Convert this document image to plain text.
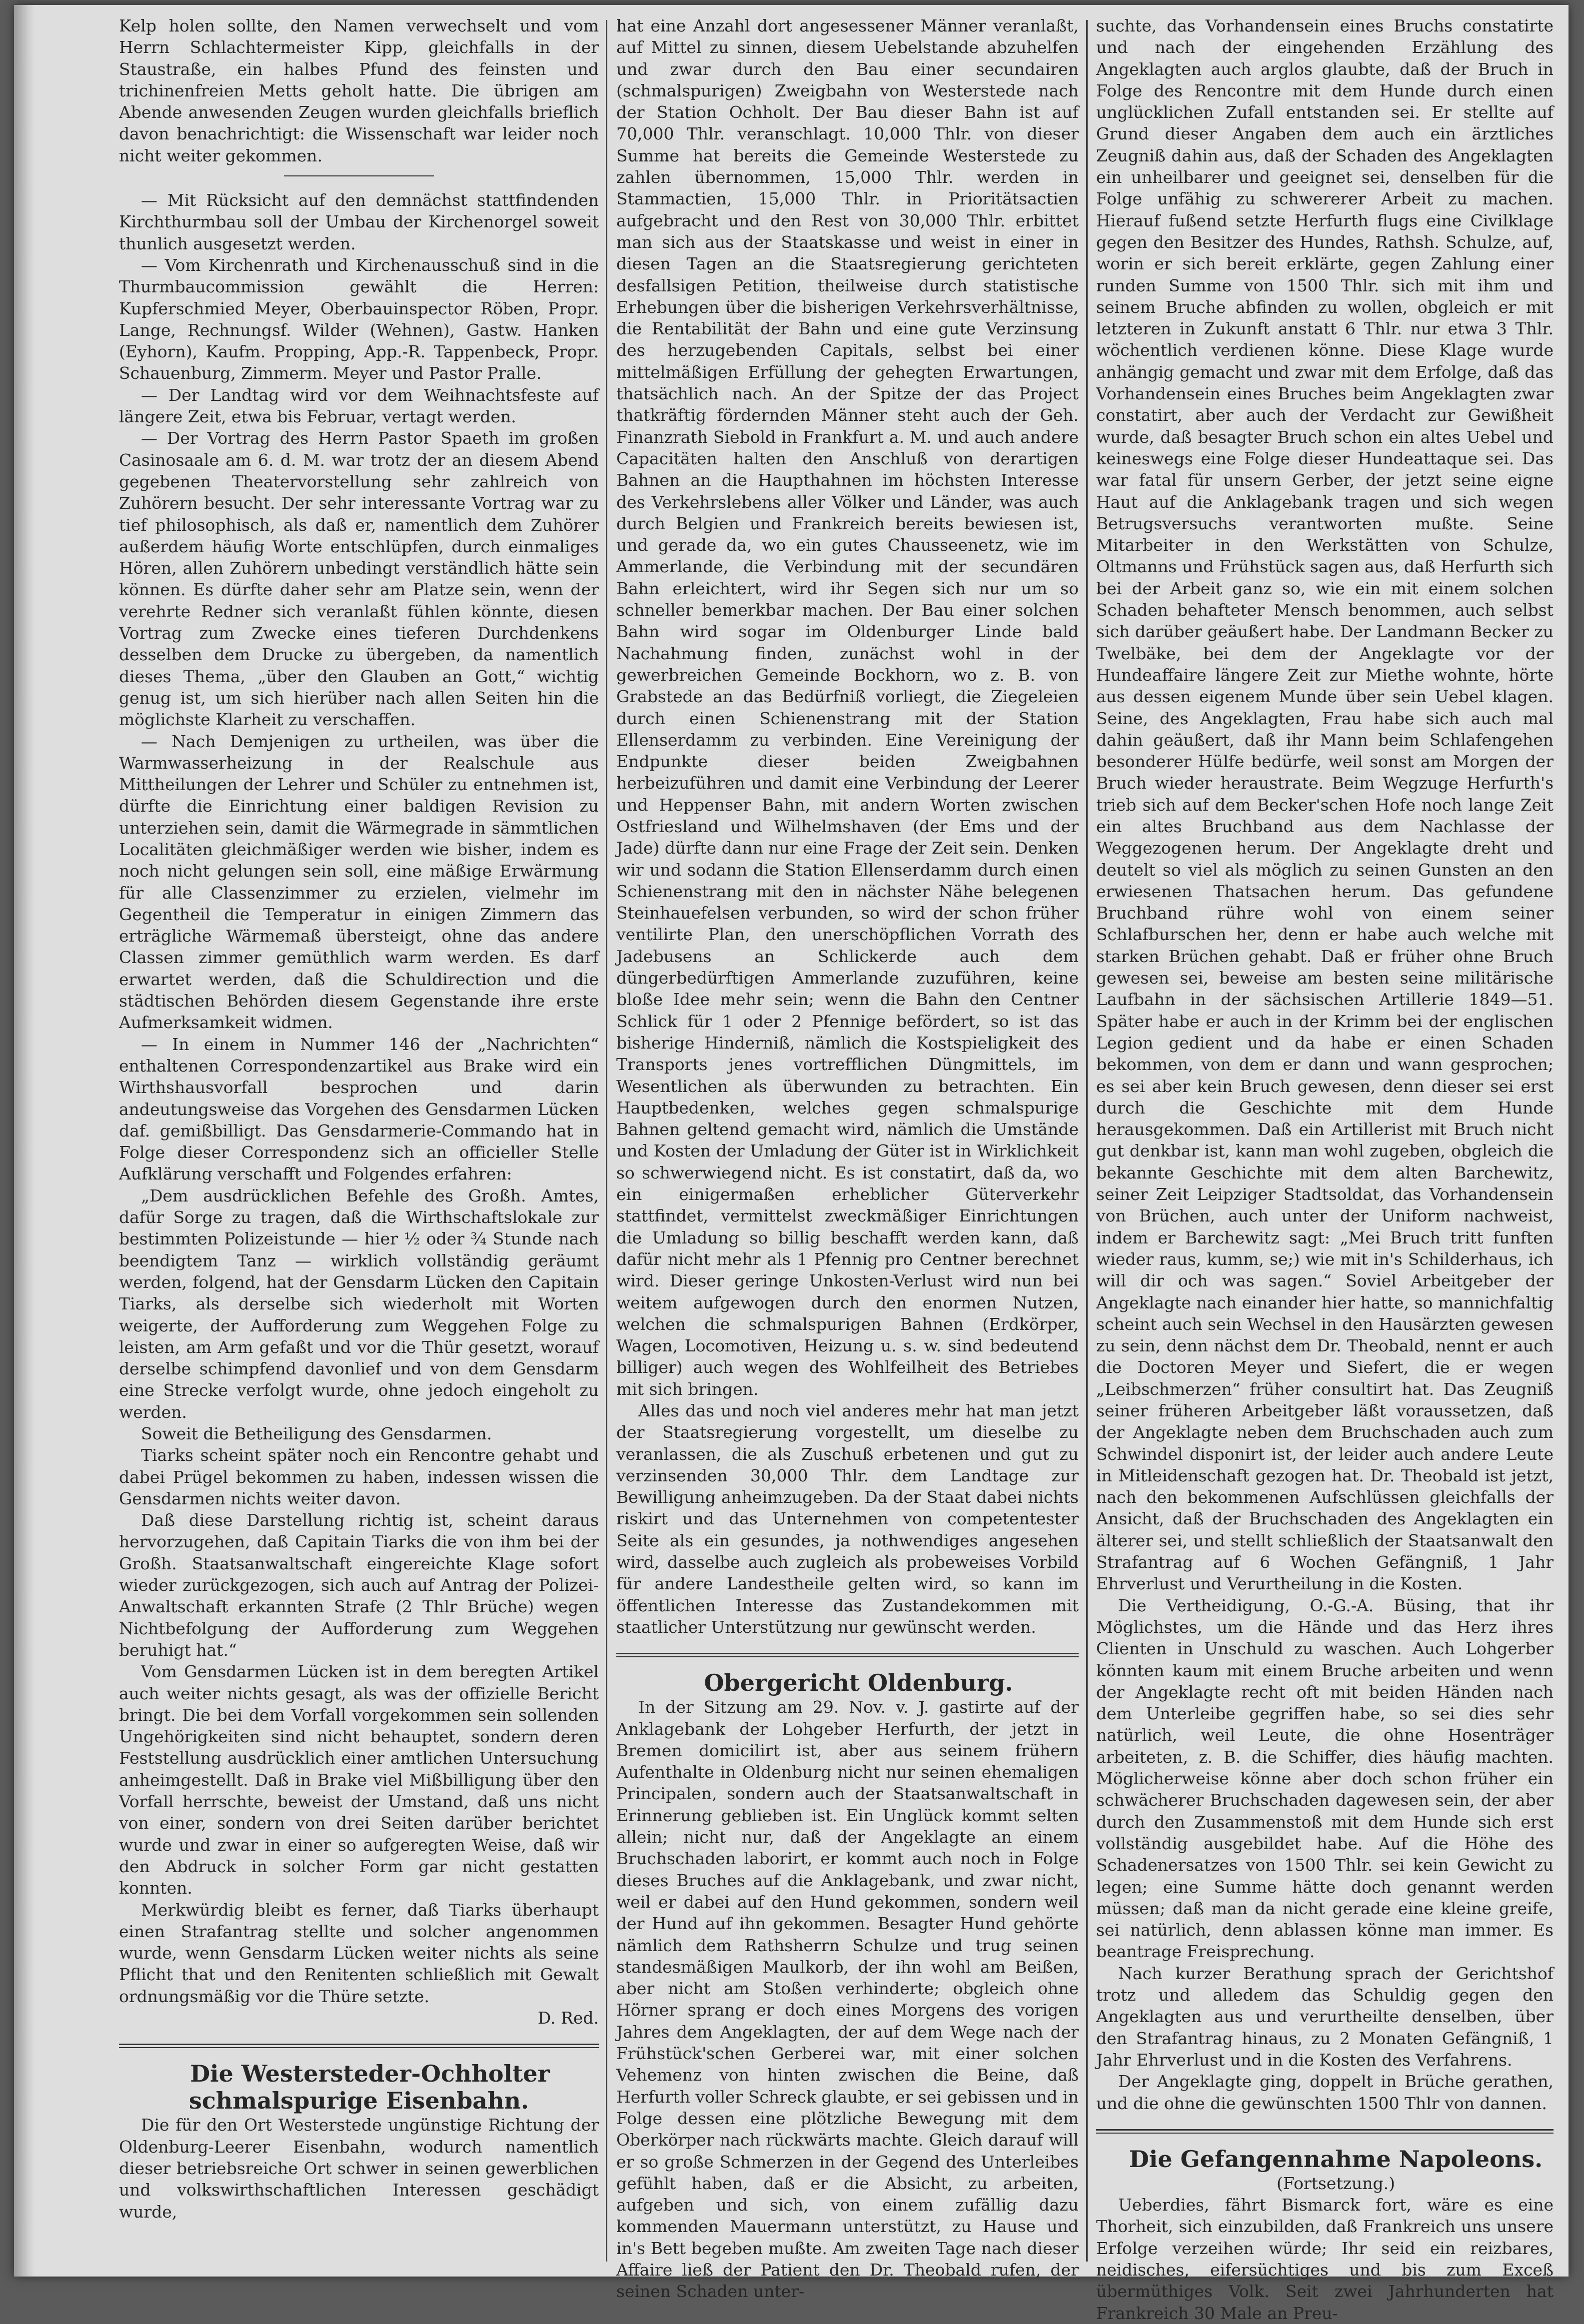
Kelp holen sollte, den Namen verwechselt und vom Herrn Schlachtermeister Kipp, gleichfalls in der Staustraße, ein halbes Pfund des feinsten und trichinenfreien Metts geholt hatte. Die übrigen am Abende anwesenden Zeugen wurden gleichfalls brieflich davon benachrichtigt: die Wissenschaft war leider noch nicht weiter gekommen.

— Mit Rücksicht auf den demnächst stattfindenden Kirchthurmbau soll der Umbau der Kirchenorgel soweit thunlich ausgesetzt werden.

— Vom Kirchenrath und Kirchenausschuß sind in die Thurmbaucommission gewählt die Herren: Kupferschmied Meyer, Oberbauinspector Röben, Propr. Lange, Rechnungsf. Wilder (Wehnen), Gastw. Hanken (Eyhorn), Kaufm. Propping, App.-R. Tappenbeck, Propr. Schauenburg, Zimmerm. Meyer und Pastor Pralle.

— Der Landtag wird vor dem Weihnachtsfeste auf längere Zeit, etwa bis Februar, vertagt werden.

— Der Vortrag des Herrn Pastor Spaeth im großen Casinosaale am 6. d. M. war trotz der an diesem Abend gegebenen Theatervorstellung sehr zahlreich von Zuhörern besucht. Der sehr interessante Vortrag war zu tief philosophisch, als daß er, namentlich dem Zuhörer außerdem häufig Worte entschlüpfen, durch einmaliges Hören, allen Zuhörern unbedingt verständlich hätte sein können. Es dürfte daher sehr am Platze sein, wenn der verehrte Redner sich veranlaßt fühlen könnte, diesen Vortrag zum Zwecke eines tieferen Durchdenkens desselben dem Drucke zu übergeben, da namentlich dieses Thema, „über den Glauben an Gott,“ wichtig genug ist, um sich hierüber nach allen Seiten hin die möglichste Klarheit zu verschaffen.

— Nach Demjenigen zu urtheilen, was über die Warmwasserheizung in der Realschule aus Mittheilungen der Lehrer und Schüler zu entnehmen ist, dürfte die Einrichtung einer baldigen Revision zu unterziehen sein, damit die Wärmegrade in sämmtlichen Localitäten gleichmäßiger werden wie bisher, indem es noch nicht gelungen sein soll, eine mäßige Erwärmung für alle Classenzimmer zu erzielen, vielmehr im Gegentheil die Temperatur in einigen Zimmern das erträgliche Wärmemaß übersteigt, ohne das andere Classen zimmer gemüthlich warm werden. Es darf erwartet werden, daß die Schuldirection und die städtischen Behörden diesem Gegenstande ihre erste Aufmerksamkeit widmen.

— In einem in Nummer 146 der „Nachrichten“ enthaltenen Correspondenzartikel aus Brake wird ein Wirthshausvorfall besprochen und darin andeutungsweise das Vorgehen des Gensdarmen Lücken daf. gemißbilligt. Das Gensdarmerie-Commando hat in Folge dieser Correspondenz sich an officieller Stelle Aufklärung verschafft und Folgendes erfahren:

„Dem ausdrücklichen Befehle des Großh. Amtes, dafür Sorge zu tragen, daß die Wirthschaftslokale zur bestimmten Polizeistunde — hier ½ oder ¾ Stunde nach beendigtem Tanz — wirklich vollständig geräumt werden, folgend, hat der Gensdarm Lücken den Capitain Tiarks, als derselbe sich wiederholt mit Worten weigerte, der Aufforderung zum Weggehen Folge zu leisten, am Arm gefaßt und vor die Thür gesetzt, worauf derselbe schimpfend davonlief und von dem Gensdarm eine Strecke verfolgt wurde, ohne jedoch eingeholt zu werden.

Soweit die Betheiligung des Gensdarmen.

Tiarks scheint später noch ein Rencontre gehabt und dabei Prügel bekommen zu haben, indessen wissen die Gensdarmen nichts weiter davon.

Daß diese Darstellung richtig ist, scheint daraus hervorzugehen, daß Capitain Tiarks die von ihm bei der Großh. Staatsanwaltschaft eingereichte Klage sofort wieder zurückgezogen, sich auch auf Antrag der Polizei-Anwaltschaft erkannten Strafe (2 Thlr Brüche) wegen Nichtbefolgung der Aufforderung zum Weggehen beruhigt hat.“

Vom Gensdarmen Lücken ist in dem beregten Artikel auch weiter nichts gesagt, als was der offizielle Bericht bringt. Die bei dem Vorfall vorgekommen sein sollenden Ungehörigkeiten sind nicht behauptet, sondern deren Feststellung ausdrücklich einer amtlichen Untersuchung anheimgestellt. Daß in Brake viel Mißbilligung über den Vorfall herrschte, beweist der Umstand, daß uns nicht von einer, sondern von drei Seiten darüber berichtet wurde und zwar in einer so aufgeregten Weise, daß wir den Abdruck in solcher Form gar nicht gestatten konnten.

Merkwürdig bleibt es ferner, daß Tiarks überhaupt einen Strafantrag stellte und solcher angenommen wurde, wenn Gensdarm Lücken weiter nichts als seine Pflicht that und den Renitenten schließlich mit Gewalt ordnungsmäßig vor die Thüre setzte.

D. Red.

Die Westersteder-Ochholter schmalspurige Eisenbahn.

Die für den Ort Westerstede ungünstige Richtung der Oldenburg-Leerer Eisenbahn, wodurch namentlich dieser betriebsreiche Ort schwer in seinen gewerblichen und volkswirthschaftlichen Interessen geschädigt wurde,

hat eine Anzahl dort angesessener Männer veranlaßt, auf Mittel zu sinnen, diesem Uebelstande abzuhelfen und zwar durch den Bau einer secundairen (schmalspurigen) Zweigbahn von Westerstede nach der Station Ochholt. Der Bau dieser Bahn ist auf 70,000 Thlr. veranschlagt. 10,000 Thlr. von dieser Summe hat bereits die Gemeinde Westerstede zu zahlen übernommen, 15,000 Thlr. werden in Stammactien, 15,000 Thlr. in Prioritätsactien aufgebracht und den Rest von 30,000 Thlr. erbittet man sich aus der Staatskasse und weist in einer in diesen Tagen an die Staatsregierung gerichteten desfallsigen Petition, theilweise durch statistische Erhebungen über die bisherigen Verkehrsverhältnisse, die Rentabilität der Bahn und eine gute Verzinsung des herzugebenden Capitals, selbst bei einer mittelmäßigen Erfüllung der gehegten Erwartungen, thatsächlich nach. An der Spitze der das Project thatkräftig fördernden Männer steht auch der Geh. Finanzrath Siebold in Frankfurt a. M. und auch andere Capacitäten halten den Anschluß von derartigen Bahnen an die Haupthahnen im höchsten Interesse des Verkehrslebens aller Völker und Länder, was auch durch Belgien und Frankreich bereits bewiesen ist, und gerade da, wo ein gutes Chausseenetz, wie im Ammerlande, die Verbindung mit der secundären Bahn erleichtert, wird ihr Segen sich nur um so schneller bemerkbar machen. Der Bau einer solchen Bahn wird sogar im Oldenburger Linde bald Nachahmung finden, zunächst wohl in der gewerbreichen Gemeinde Bockhorn, wo z. B. von Grabstede an das Bedürfniß vorliegt, die Ziegeleien durch einen Schienenstrang mit der Station Ellenserdamm zu verbinden. Eine Vereinigung der Endpunkte dieser beiden Zweigbahnen herbeizuführen und damit eine Verbindung der Leerer und Heppenser Bahn, mit andern Worten zwischen Ostfriesland und Wilhelmshaven (der Ems und der Jade) dürfte dann nur eine Frage der Zeit sein. Denken wir und sodann die Station Ellenserdamm durch einen Schienenstrang mit den in nächster Nähe belegenen Steinhauefelsen verbunden, so wird der schon früher ventilirte Plan, den unerschöpflichen Vorrath des Jadebusens an Schlickerde auch dem düngerbedürftigen Ammerlande zuzuführen, keine bloße Idee mehr sein; wenn die Bahn den Centner Schlick für 1 oder 2 Pfennige befördert, so ist das bisherige Hinderniß, nämlich die Kostspieligkeit des Transports jenes vortrefflichen Düngmittels, im Wesentlichen als überwunden zu betrachten. Ein Hauptbedenken, welches gegen schmalspurige Bahnen geltend gemacht wird, nämlich die Umstände und Kosten der Umladung der Güter ist in Wirklichkeit so schwerwiegend nicht. Es ist constatirt, daß da, wo ein einigermaßen erheblicher Güterverkehr stattfindet, vermittelst zweckmäßiger Einrichtungen die Umladung so billig beschafft werden kann, daß dafür nicht mehr als 1 Pfennig pro Centner berechnet wird. Dieser geringe Unkosten-Verlust wird nun bei weitem aufgewogen durch den enormen Nutzen, welchen die schmalspurigen Bahnen (Erdkörper, Wagen, Locomotiven, Heizung u. s. w. sind bedeutend billiger) auch wegen des Wohlfeilheit des Betriebes mit sich bringen.

Alles das und noch viel anderes mehr hat man jetzt der Staatsregierung vorgestellt, um dieselbe zu veranlassen, die als Zuschuß erbetenen und gut zu verzinsenden 30,000 Thlr. dem Landtage zur Bewilligung anheimzugeben. Da der Staat dabei nichts riskirt und das Unternehmen von competentester Seite als ein gesundes, ja nothwendiges angesehen wird, dasselbe auch zugleich als probeweises Vorbild für andere Landestheile gelten wird, so kann im öffentlichen Interesse das Zustandekommen mit staatlicher Unterstützung nur gewünscht werden.

Obergericht Oldenburg.

In der Sitzung am 29. Nov. v. J. gastirte auf der Anklagebank der Lohgeber Herfurth, der jetzt in Bremen domicilirt ist, aber aus seinem frühern Aufenthalte in Oldenburg nicht nur seinen ehemaligen Principalen, sondern auch der Staatsanwaltschaft in Erinnerung geblieben ist. Ein Unglück kommt selten allein; nicht nur, daß der Angeklagte an einem Bruchschaden laborirt, er kommt auch noch in Folge dieses Bruches auf die Anklagebank, und zwar nicht, weil er dabei auf den Hund gekommen, sondern weil der Hund auf ihn gekommen. Besagter Hund gehörte nämlich dem Rathsherrn Schulze und trug seinen standesmäßigen Maulkorb, der ihn wohl am Beißen, aber nicht am Stoßen verhinderte; obgleich ohne Hörner sprang er doch eines Morgens des vorigen Jahres dem Angeklagten, der auf dem Wege nach der Frühstück'schen Gerberei war, mit einer solchen Vehemenz von hinten zwischen die Beine, daß Herfurth voller Schreck glaubte, er sei gebissen und in Folge dessen eine plötzliche Bewegung mit dem Oberkörper nach rückwärts machte. Gleich darauf will er so große Schmerzen in der Gegend des Unterleibes gefühlt haben, daß er die Absicht, zu arbeiten, aufgeben und sich, von einem zufällig dazu kommenden Mauermann unterstützt, zu Hause und in's Bett begeben mußte. Am zweiten Tage nach dieser Affaire ließ der Patient den Dr. Theobald rufen, der seinen Schaden unter-

suchte, das Vorhandensein eines Bruchs constatirte und nach der eingehenden Erzählung des Angeklagten auch arglos glaubte, daß der Bruch in Folge des Rencontre mit dem Hunde durch einen unglücklichen Zufall entstanden sei. Er stellte auf Grund dieser Angaben dem auch ein ärztliches Zeugniß dahin aus, daß der Schaden des Angeklagten ein unheilbarer und geeignet sei, denselben für die Folge unfähig zu schwererer Arbeit zu machen. Hierauf fußend setzte Herfurth flugs eine Civilklage gegen den Besitzer des Hundes, Rathsh. Schulze, auf, worin er sich bereit erklärte, gegen Zahlung einer runden Summe von 1500 Thlr. sich mit ihm und seinem Bruche abfinden zu wollen, obgleich er mit letzteren in Zukunft anstatt 6 Thlr. nur etwa 3 Thlr. wöchentlich verdienen könne. Diese Klage wurde anhängig gemacht und zwar mit dem Erfolge, daß das Vorhandensein eines Bruches beim Angeklagten zwar constatirt, aber auch der Verdacht zur Gewißheit wurde, daß besagter Bruch schon ein altes Uebel und keineswegs eine Folge dieser Hundeattaque sei. Das war fatal für unsern Gerber, der jetzt seine eigne Haut auf die Anklagebank tragen und sich wegen Betrugsversuchs verantworten mußte. Seine Mitarbeiter in den Werkstätten von Schulze, Oltmanns und Frühstück sagen aus, daß Herfurth sich bei der Arbeit ganz so, wie ein mit einem solchen Schaden behafteter Mensch benommen, auch selbst sich darüber geäußert habe. Der Landmann Becker zu Twelbäke, bei dem der Angeklagte vor der Hundeaffaire längere Zeit zur Miethe wohnte, hörte aus dessen eigenem Munde über sein Uebel klagen. Seine, des Angeklagten, Frau habe sich auch mal dahin geäußert, daß ihr Mann beim Schlafengehen besonderer Hülfe bedürfe, weil sonst am Morgen der Bruch wieder heraustrate. Beim Wegzuge Herfurth's trieb sich auf dem Becker'schen Hofe noch lange Zeit ein altes Bruchband aus dem Nachlasse der Weggezogenen herum. Der Angeklagte dreht und deutelt so viel als möglich zu seinen Gunsten an den erwiesenen Thatsachen herum. Das gefundene Bruchband rühre wohl von einem seiner Schlafburschen her, denn er habe auch welche mit starken Brüchen gehabt. Daß er früher ohne Bruch gewesen sei, beweise am besten seine militärische Laufbahn in der sächsischen Artillerie 1849—51. Später habe er auch in der Krimm bei der englischen Legion gedient und da habe er einen Schaden bekommen, von dem er dann und wann gesprochen; es sei aber kein Bruch gewesen, denn dieser sei erst durch die Geschichte mit dem Hunde herausgekommen. Daß ein Artillerist mit Bruch nicht gut denkbar ist, kann man wohl zugeben, obgleich die bekannte Geschichte mit dem alten Barchewitz, seiner Zeit Leipziger Stadtsoldat, das Vorhandensein von Brüchen, auch unter der Uniform nachweist, indem er Barchewitz sagt: „Mei Bruch tritt funften wieder raus, kumm, se;) wie mit in's Schilderhaus, ich will dir och was sagen.“ Soviel Arbeitgeber der Angeklagte nach einander hier hatte, so mannichfaltig scheint auch sein Wechsel in den Hausärzten gewesen zu sein, denn nächst dem Dr. Theobald, nennt er auch die Doctoren Meyer und Siefert, die er wegen „Leibschmerzen“ früher consultirt hat. Das Zeugniß seiner früheren Arbeitgeber läßt voraussetzen, daß der Angeklagte neben dem Bruchschaden auch zum Schwindel disponirt ist, der leider auch andere Leute in Mitleidenschaft gezogen hat. Dr. Theobald ist jetzt, nach den bekommenen Aufschlüssen gleichfalls der Ansicht, daß der Bruchschaden des Angeklagten ein älterer sei, und stellt schließlich der Staatsanwalt den Strafantrag auf 6 Wochen Gefängniß, 1 Jahr Ehrverlust und Verurtheilung in die Kosten.

Die Vertheidigung, O.-G.-A. Büsing, that ihr Möglichstes, um die Hände und das Herz ihres Clienten in Unschuld zu waschen. Auch Lohgerber könnten kaum mit einem Bruche arbeiten und wenn der Angeklagte recht oft mit beiden Händen nach dem Unterleibe gegriffen habe, so sei dies sehr natürlich, weil Leute, die ohne Hosenträger arbeiteten, z. B. die Schiffer, dies häufig machten. Möglicherweise könne aber doch schon früher ein schwächerer Bruchschaden dagewesen sein, der aber durch den Zusammenstoß mit dem Hunde sich erst vollständig ausgebildet habe. Auf die Höhe des Schadenersatzes von 1500 Thlr. sei kein Gewicht zu legen; eine Summe hätte doch genannt werden müssen; daß man da nicht gerade eine kleine greife, sei natürlich, denn ablassen könne man immer. Es beantrage Freisprechung.

Nach kurzer Berathung sprach der Gerichtshof trotz und alledem das Schuldig gegen den Angeklagten aus und verurtheilte denselben, über den Strafantrag hinaus, zu 2 Monaten Gefängniß, 1 Jahr Ehrverlust und in die Kosten des Verfahrens.

Der Angeklagte ging, doppelt in Brüche gerathen, und die ohne die gewünschten 1500 Thlr von dannen.

Die Gefangennahme Napoleons.

(Fortsetzung.)

Ueberdies, fährt Bismarck fort, wäre es eine Thorheit, sich einzubilden, daß Frankreich uns unsere Erfolge verzeihen würde; Ihr seid ein reizbares, neidisches, eifersüchtiges und bis zum Exceß übermüthiges Volk. Seit zwei Jahrhunderten hat Frankreich 30 Male an Preu-
